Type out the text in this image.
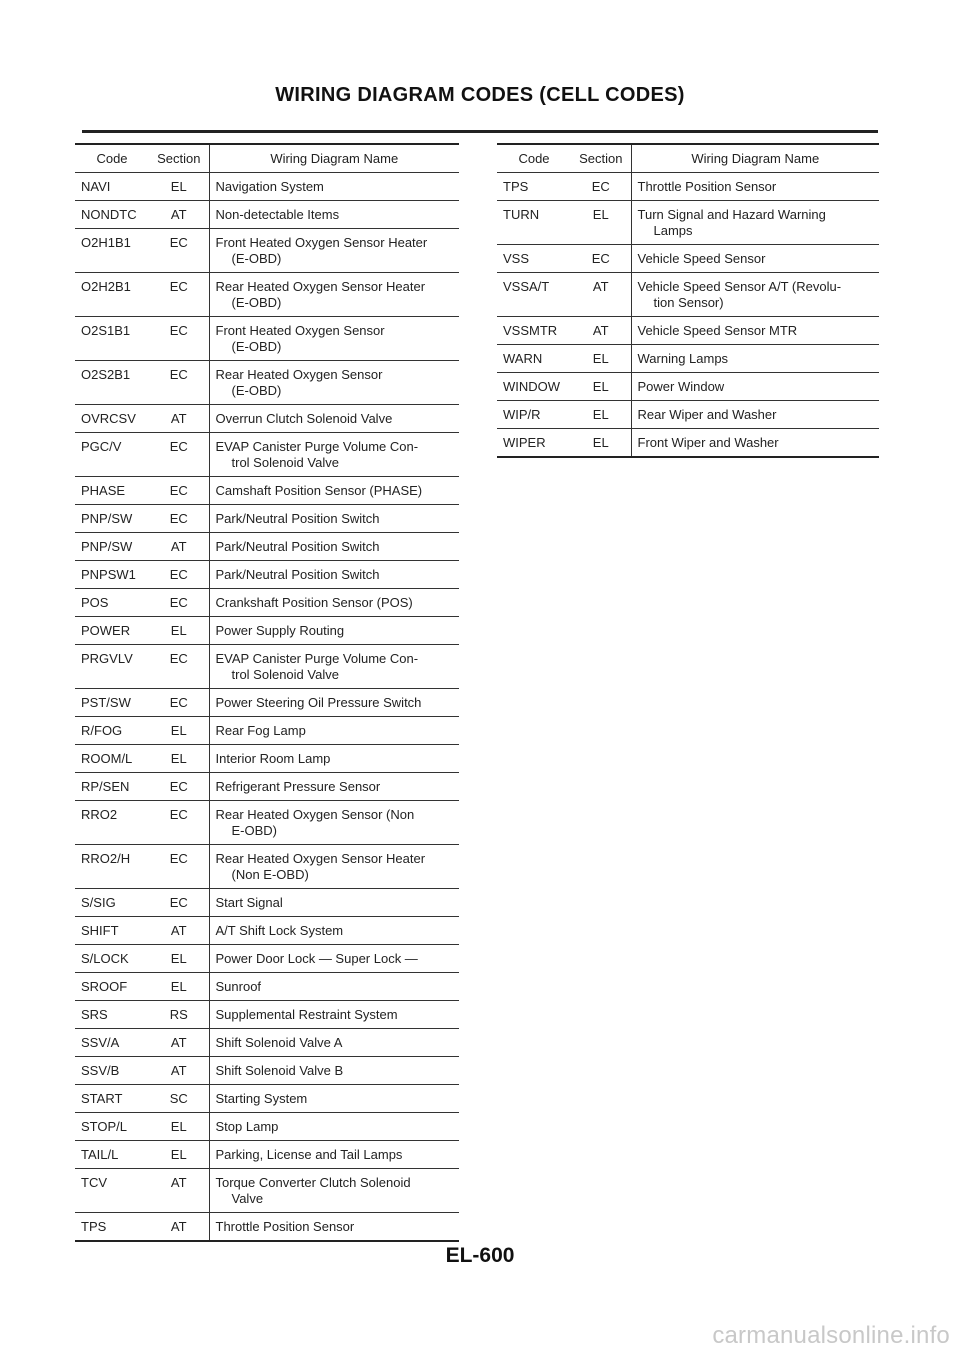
WIRING DIAGRAM CODES (CELL CODES)
Code	Section	Wiring Diagram Name
NAVI	EL	Navigation System

NONDTC	AT	Non-detectable Items

O2H1B1	EC	Front Heated Oxygen Sensor Heater
(E-OBD)

O2H2B1	EC	Rear Heated Oxygen Sensor Heater
(E-OBD)

O2S1B1	EC	Front Heated Oxygen Sensor
(E-OBD)

O2S2B1	EC	Rear Heated Oxygen Sensor
(E-OBD)

OVRCSV	AT	Overrun Clutch Solenoid Valve

PGC/V	EC	EVAP Canister Purge Volume Con-
trol Solenoid Valve

PHASE	EC	Camshaft Position Sensor (PHASE)

PNP/SW	EC	Park/Neutral Position Switch

PNP/SW	AT	Park/Neutral Position Switch

PNPSW1	EC	Park/Neutral Position Switch

POS	EC	Crankshaft Position Sensor (POS)

POWER	EL	Power Supply Routing

PRGVLV	EC	EVAP Canister Purge Volume Con-
trol Solenoid Valve

PST/SW	EC	Power Steering Oil Pressure Switch

R/FOG	EL	Rear Fog Lamp

ROOM/L	EL	Interior Room Lamp

RP/SEN	EC	Refrigerant Pressure Sensor

RRO2	EC	Rear Heated Oxygen Sensor (Non
E-OBD)

RRO2/H	EC	Rear Heated Oxygen Sensor Heater
(Non E-OBD)

S/SIG	EC	Start Signal

SHIFT	AT	A/T Shift Lock System

S/LOCK	EL	Power Door Lock — Super Lock —

SROOF	EL	Sunroof

SRS	RS	Supplemental Restraint System

SSV/A	AT	Shift Solenoid Valve A

SSV/B	AT	Shift Solenoid Valve B

START	SC	Starting System

STOP/L	EL	Stop Lamp

TAIL/L	EL	Parking, License and Tail Lamps

TCV	AT	Torque Converter Clutch Solenoid
Valve

TPS	AT	Throttle Position Sensor
Code	Section	Wiring Diagram Name
TPS	EC	Throttle Position Sensor

TURN	EL	Turn Signal and Hazard Warning
Lamps

VSS	EC	Vehicle Speed Sensor

VSSA/T	AT	Vehicle Speed Sensor A/T (Revolu-
tion Sensor)

VSSMTR	AT	Vehicle Speed Sensor MTR

WARN	EL	Warning Lamps

WINDOW	EL	Power Window

WIP/R	EL	Rear Wiper and Washer

WIPER	EL	Front Wiper and Washer
EL-600
carmanualsonline.info
